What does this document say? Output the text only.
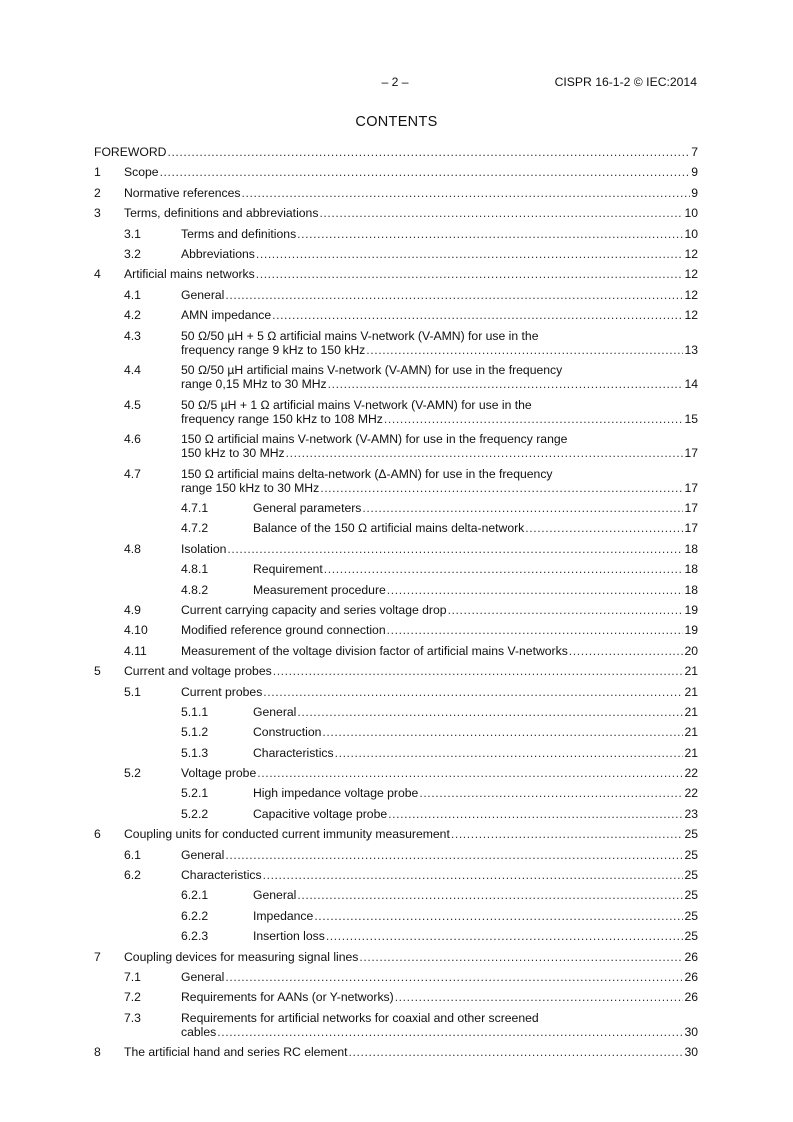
– 2 –	CISPR 16-1-2 © IEC:2014
CONTENTS
FOREWORD .....	7
1 Scope .....	9
2 Normative references .....	9
3 Terms, definitions and abbreviations .....	10
3.1	Terms and definitions .....	10
3.2	Abbreviations .....	12
4 Artificial mains networks .....	12
4.1	General .....	12
4.2	AMN impedance .....	12
4.3	50 Ω/50 µH + 5 Ω artificial mains V-network (V-AMN) for use in the
frequency range 9 kHz to 150 kHz .....	13
4.4	50 Ω/50 µH artificial mains V-network (V-AMN) for use in the frequency
range 0,15 MHz to 30 MHz .....	14
4.5	50 Ω/5 µH + 1 Ω artificial mains V-network (V-AMN) for use in the
frequency range 150 kHz to 108 MHz .....	15
4.6	150 Ω artificial mains V-network (V-AMN) for use in the frequency range
150 kHz to 30 MHz .....	17
4.7	150 Ω artificial mains delta-network (Δ-AMN) for use in the frequency
range 150 kHz to 30 MHz .....	17
4.7.1	General parameters .....	17
4.7.2	Balance of the 150 Ω artificial mains delta-network .....	17
4.8	Isolation .....	18
4.8.1	Requirement .....	18
4.8.2	Measurement procedure .....	18
4.9	Current carrying capacity and series voltage drop .....	19
4.10	Modified reference ground connection .....	19
4.11	Measurement of the voltage division factor of artificial mains V-networks .....	20
5 Current and voltage probes .....	21
5.1	Current probes .....	21
5.1.1	General .....	21
5.1.2	Construction .....	21
5.1.3	Characteristics .....	21
5.2	Voltage probe .....	22
5.2.1	High impedance voltage probe .....	22
5.2.2	Capacitive voltage probe .....	23
6 Coupling units for conducted current immunity measurement .....	25
6.1	General .....	25
6.2	Characteristics .....	25
6.2.1	General .....	25
6.2.2	Impedance .....	25
6.2.3	Insertion loss .....	25
7 Coupling devices for measuring signal lines .....	26
7.1	General .....	26
7.2	Requirements for AANs (or Y-networks) .....	26
7.3	Requirements for artificial networks for coaxial and other screened
cables .....	30
8 The artificial hand and series RC element .....	30
